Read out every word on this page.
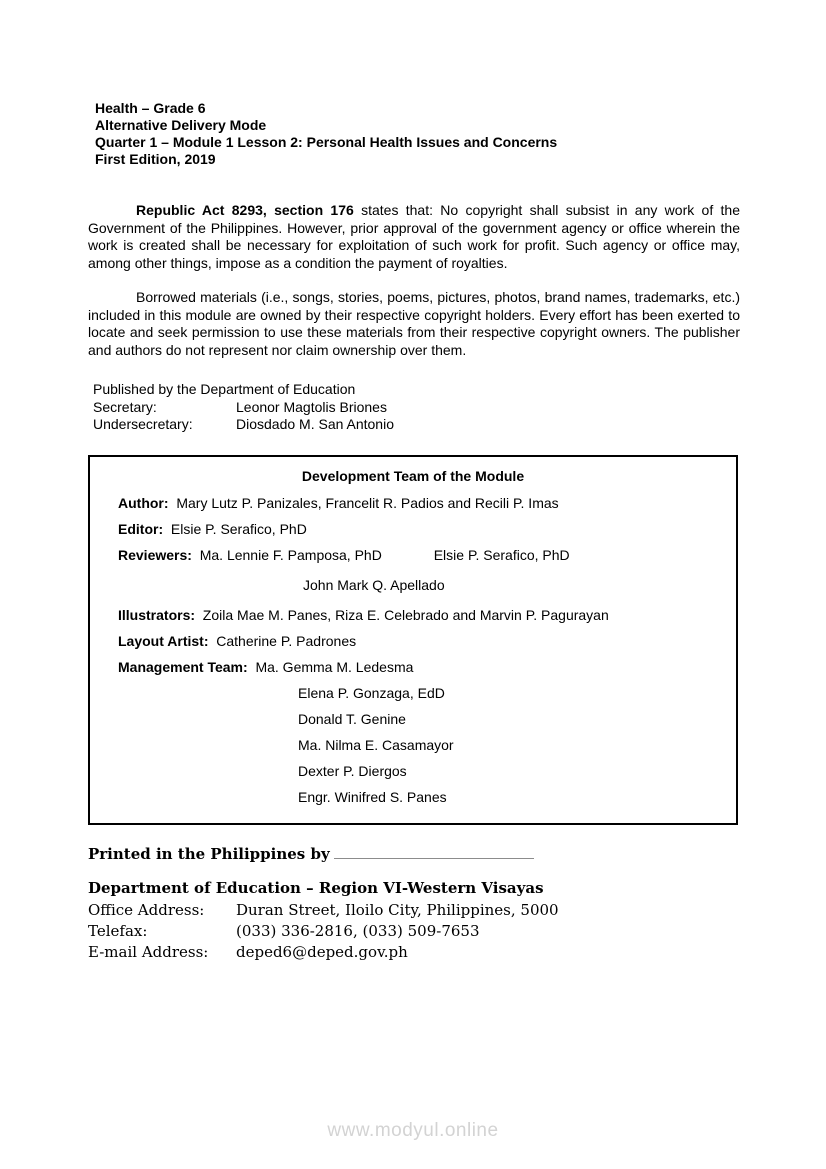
Health – Grade 6
Alternative Delivery Mode
Quarter 1 – Module 1 Lesson 2: Personal Health Issues and Concerns
First Edition, 2019

Republic Act 8293, section 176 states that: No copyright shall subsist in any work of the Government of the Philippines. However, prior approval of the government agency or office wherein the work is created shall be necessary for exploitation of such work for profit. Such agency or office may, among other things, impose as a condition the payment of royalties.

Borrowed materials (i.e., songs, stories, poems, pictures, photos, brand names, trademarks, etc.) included in this module are owned by their respective copyright holders. Every effort has been exerted to locate and seek permission to use these materials from their respective copyright owners. The publisher and authors do not represent nor claim ownership over them.

Published by the Department of Education
Secretary:	Leonor Magtolis Briones
Undersecretary:	Diosdado M. San Antonio
Development Team of the Module
Author: Mary Lutz P. Panizales, Francelit R. Padios and Recili P. Imas
Editor: Elsie P. Serafico, PhD
Reviewers: Ma. Lennie F. Pamposa, PhD	Elsie P. Serafico, PhD
John Mark Q. Apellado
Illustrators: Zoila Mae M. Panes, Riza E. Celebrado and Marvin P. Pagurayan
Layout Artist: Catherine P. Padrones
Management Team: Ma. Gemma M. Ledesma
Elena P. Gonzaga, EdD
Donald T. Genine
Ma. Nilma E. Casamayor
Dexter P. Diergos
Engr. Winifred S. Panes
Printed in the Philippines by
Department of Education – Region VI-Western Visayas
Office Address:	Duran Street, Iloilo City, Philippines, 5000
Telefax:	(033) 336-2816, (033) 509-7653
E-mail Address:	deped6@deped.gov.ph
www.modyul.online
